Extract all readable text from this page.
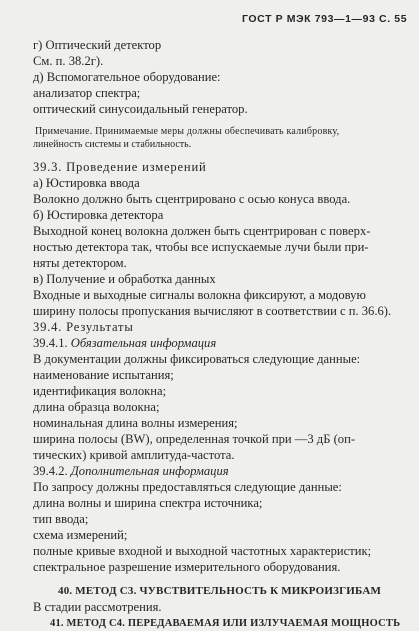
ГОСТ Р МЭК 793—1—93 С. 55
г) Оптический детектор
См. п. 38.2г).
д) Вспомогательное оборудование:
анализатор спектра;
оптический синусоидальный генератор.
Примечание. Принимаемые меры должны обеспечивать калибровку,
линейность системы и стабильность.
39.3. Проведение измерений
а) Юстировка ввода
Волокно должно быть сцентрировано с осью конуса ввода.
б) Юстировка детектора
Выходной конец волокна должен быть сцентрирован с поверх-
ностью детектора так, чтобы все испускаемые лучи были при-
няты детектором.
в) Получение и обработка данных
Входные и выходные сигналы волокна фиксируют, а модовую
ширину полосы пропускания вычисляют в соответствии с п. 36.6).
39.4. Результаты
39.4.1. Обязательная информация
В документации должны фиксироваться следующие данные:
наименование испытания;
идентификация волокна;
длина образца волокна;
номинальная длина волны измерения;
ширина полосы (BW), определенная точкой при —3 дБ (оп-
тических) кривой амплитуда-частота.
39.4.2. Дополнительная информация
По запросу должны предоставляться следующие данные:
длина волны и ширина спектра источника;
тип ввода;
схема измерений;
полные кривые входной и выходной частотных характеристик;
спектральное разрешение измерительного оборудования.
40. МЕТОД С3. ЧУВСТВИТЕЛЬНОСТЬ К МИКРОИЗГИБАМ
В стадии рассмотрения.
41. МЕТОД С4. ПЕРЕДАВАЕМАЯ ИЛИ ИЗЛУЧАЕМАЯ МОЩНОСТЬ
